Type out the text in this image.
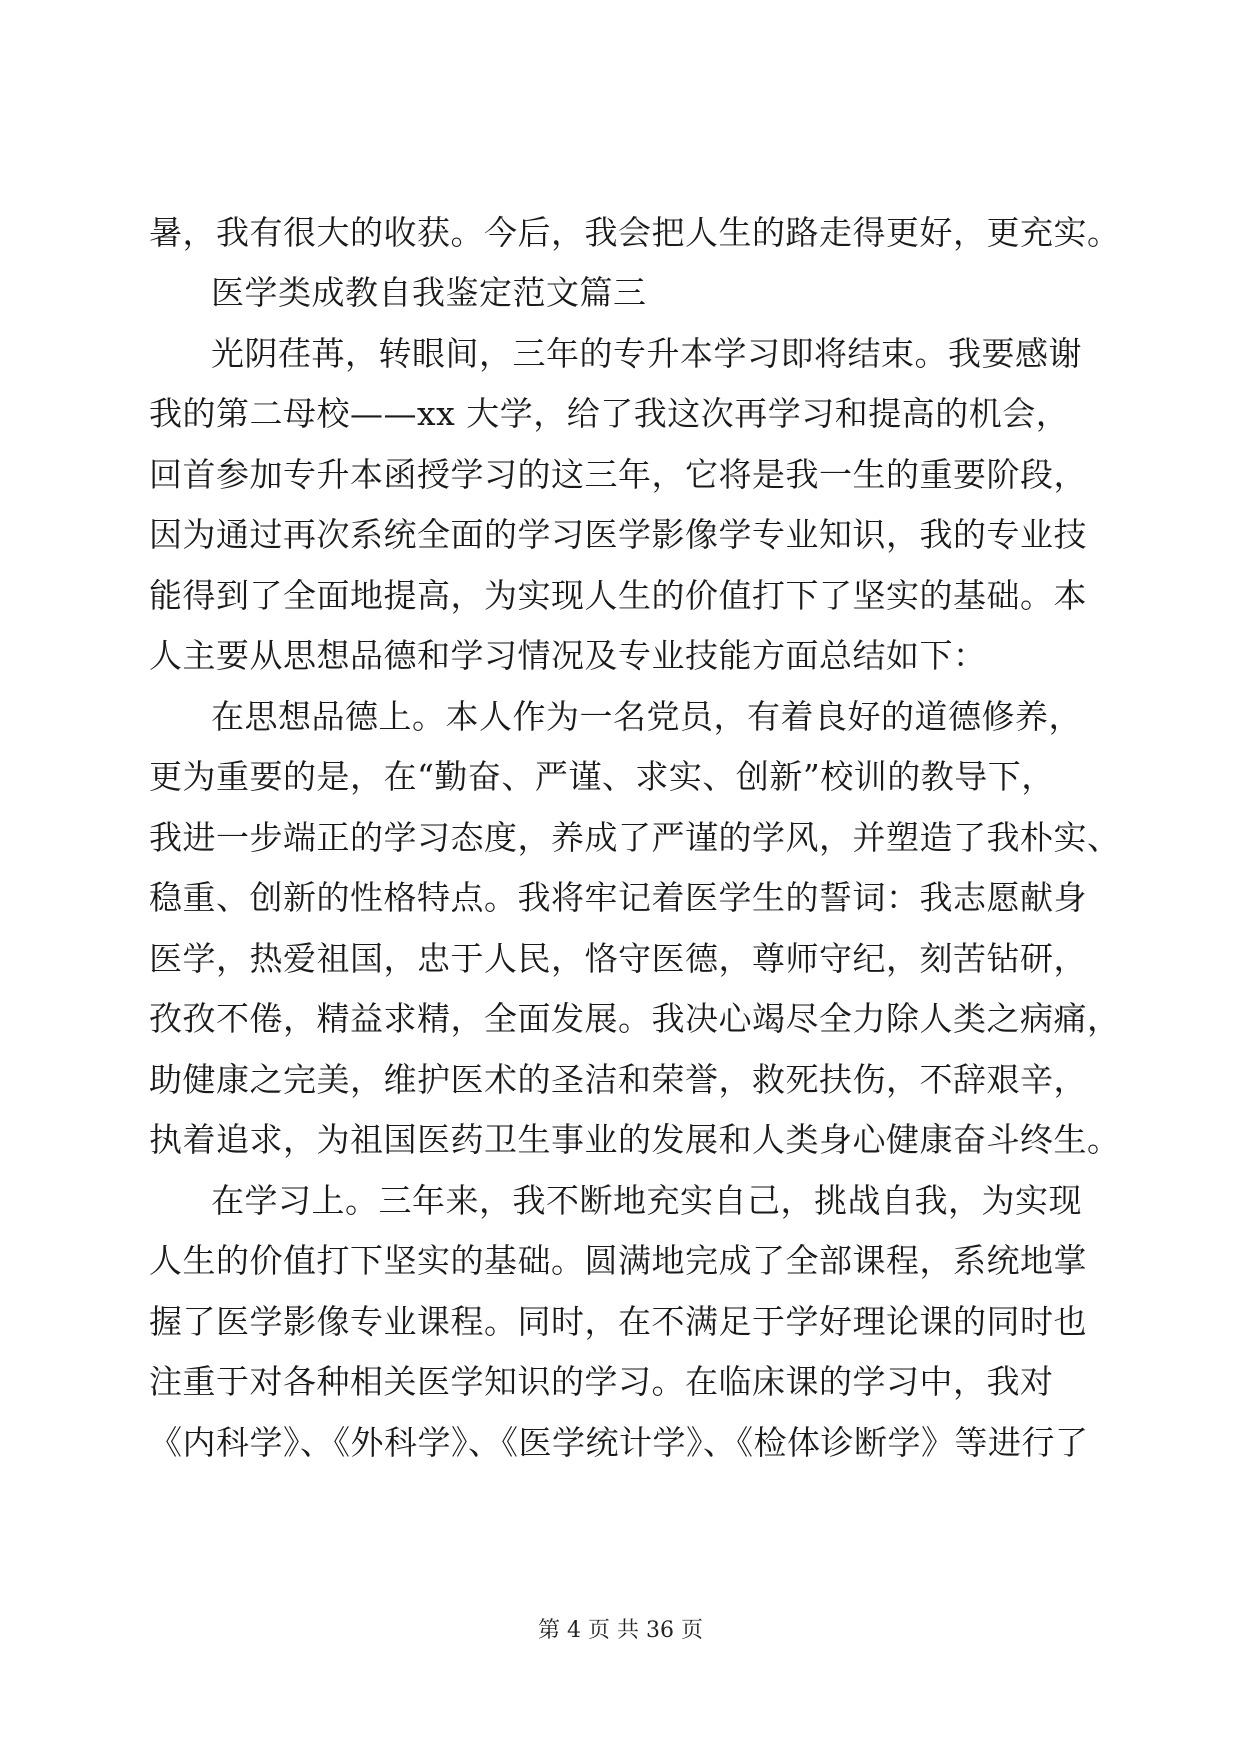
暑，我有很大的收获。今后，我会把人生的路走得更好，更充实。
医学类成教自我鉴定范文篇三
光阴荏苒，转眼间，三年的专升本学习即将结束。我要感谢
我的第二母校——xx 大学，给了我这次再学习和提高的机会，
回首参加专升本函授学习的这三年，它将是我一生的重要阶段，
因为通过再次系统全面的学习医学影像学专业知识，我的专业技
能得到了全面地提高，为实现人生的价值打下了坚实的基础。本
人主要从思想品德和学习情况及专业技能方面总结如下：
在思想品德上。本人作为一名党员，有着良好的道德修养，
更为重要的是，在“勤奋、严谨、求实、创新”校训的教导下，
我进一步端正的学习态度，养成了严谨的学风，并塑造了我朴实、
稳重、创新的性格特点。我将牢记着医学生的誓词：我志愿献身
医学，热爱祖国，忠于人民，恪守医德，尊师守纪，刻苦钻研，
孜孜不倦，精益求精，全面发展。我决心竭尽全力除人类之病痛，
助健康之完美，维护医术的圣洁和荣誉，救死扶伤，不辞艰辛，
执着追求，为祖国医药卫生事业的发展和人类身心健康奋斗终生。
在学习上。三年来，我不断地充实自己，挑战自我，为实现
人生的价值打下坚实的基础。圆满地完成了全部课程，系统地掌
握了医学影像专业课程。同时，在不满足于学好理论课的同时也
注重于对各种相关医学知识的学习。在临床课的学习中，我对
《内科学》、《外科学》、《医学统计学》、《检体诊断学》等进行了
第 4 页 共 36 页
